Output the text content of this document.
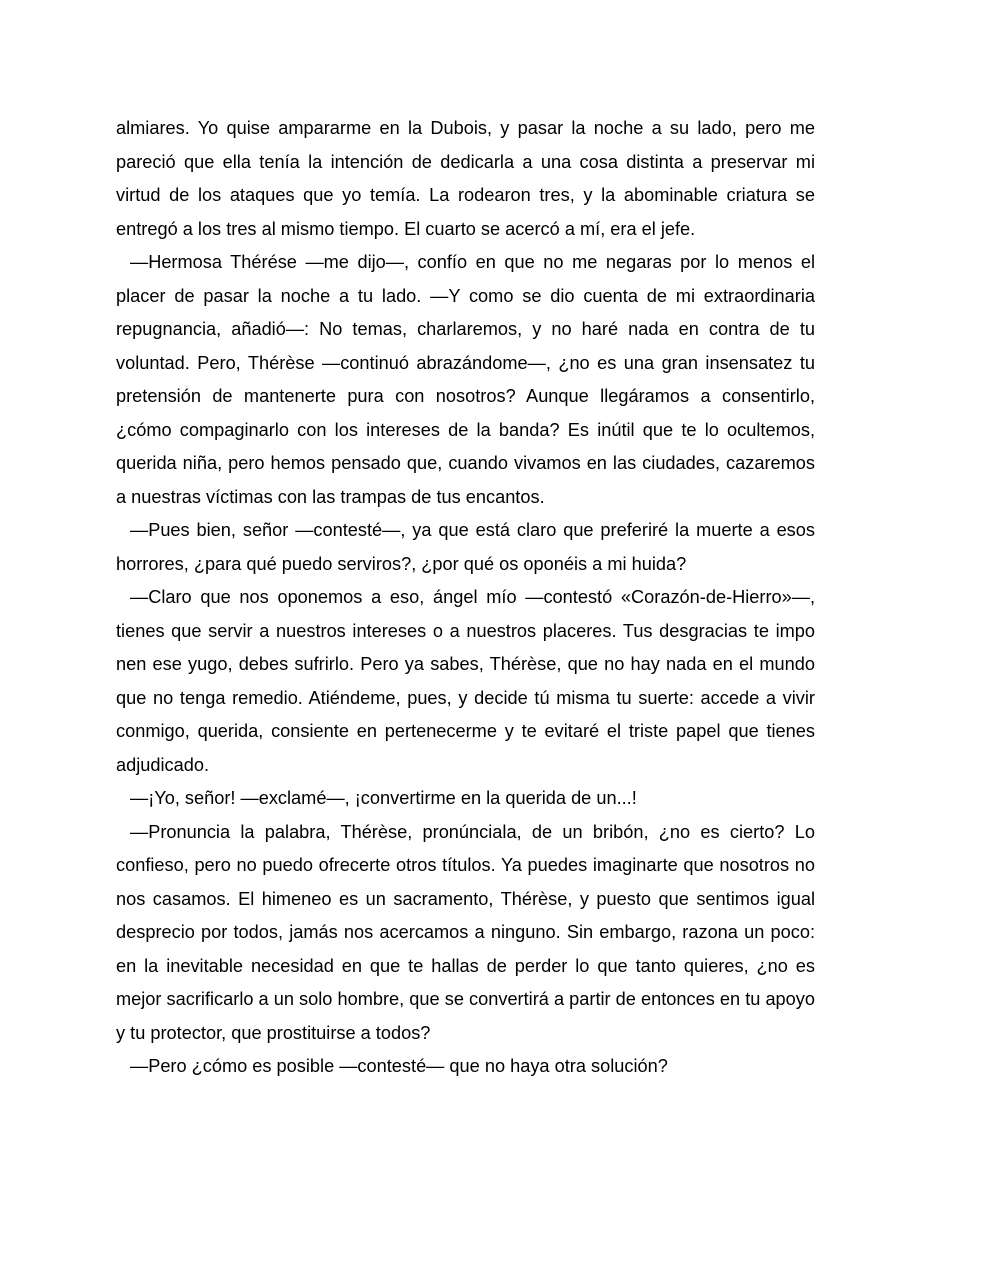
almiares. Yo quise ampararme en la Dubois, y pasar la noche a su lado, pero me pareció que ella tenía la intención de dedicarla a una cosa distinta a preservar mi virtud de los ataques que yo temía. La rodearon tres, y la abominable criatura se entregó a los tres al mismo tiempo. El cuarto se acercó a mí, era el jefe.

—Hermosa Thérése —me dijo—, confío en que no me negaras por lo menos el placer de pasar la noche a tu lado. —Y como se dio cuenta de mi extraordinaria repugnancia, añadió—: No temas, charlaremos, y no haré nada en contra de tu voluntad. Pero, Thérèse —continuó abrazándome—, ¿no es una gran insensatez tu pretensión de mantenerte pura con nosotros? Aunque llegáramos a consentirlo, ¿cómo compaginarlo con los intereses de la banda? Es inútil que te lo ocultemos, querida niña, pero hemos pensado que, cuando vivamos en las ciudades, cazaremos a nuestras víctimas con las trampas de tus encantos.

—Pues bien, señor —contesté—, ya que está claro que preferiré la muerte a esos horrores, ¿para qué puedo serviros?, ¿por qué os oponéis a mi huida?

—Claro que nos oponemos a eso, ángel mío —contestó «Corazón-de-Hierro»—, tienes que servir a nuestros intereses o a nuestros placeres. Tus desgracias te impo nen ese yugo, debes sufrirlo. Pero ya sabes, Thérèse, que no hay nada en el mundo que no tenga remedio. Atiéndeme, pues, y decide tú misma tu suerte: accede a vivir conmigo, querida, consiente en pertenecerme y te evitaré el triste papel que tienes adjudicado.

—¡Yo, señor! —exclamé—, ¡convertirme en la querida de un...!

—Pronuncia la palabra, Thérèse, pronúnciala, de un bribón, ¿no es cierto? Lo confieso, pero no puedo ofrecerte otros títulos. Ya puedes imaginarte que nosotros no nos casamos. El himeneo es un sacramento, Thérèse, y puesto que sentimos igual desprecio por todos, jamás nos acercamos a ninguno. Sin embargo, razona un poco: en la inevitable necesidad en que te hallas de perder lo que tanto quieres, ¿no es mejor sacrificarlo a un solo hombre, que se convertirá a partir de entonces en tu apoyo y tu protector, que prostituirse a todos?

—Pero ¿cómo es posible —contesté— que no haya otra solución?
